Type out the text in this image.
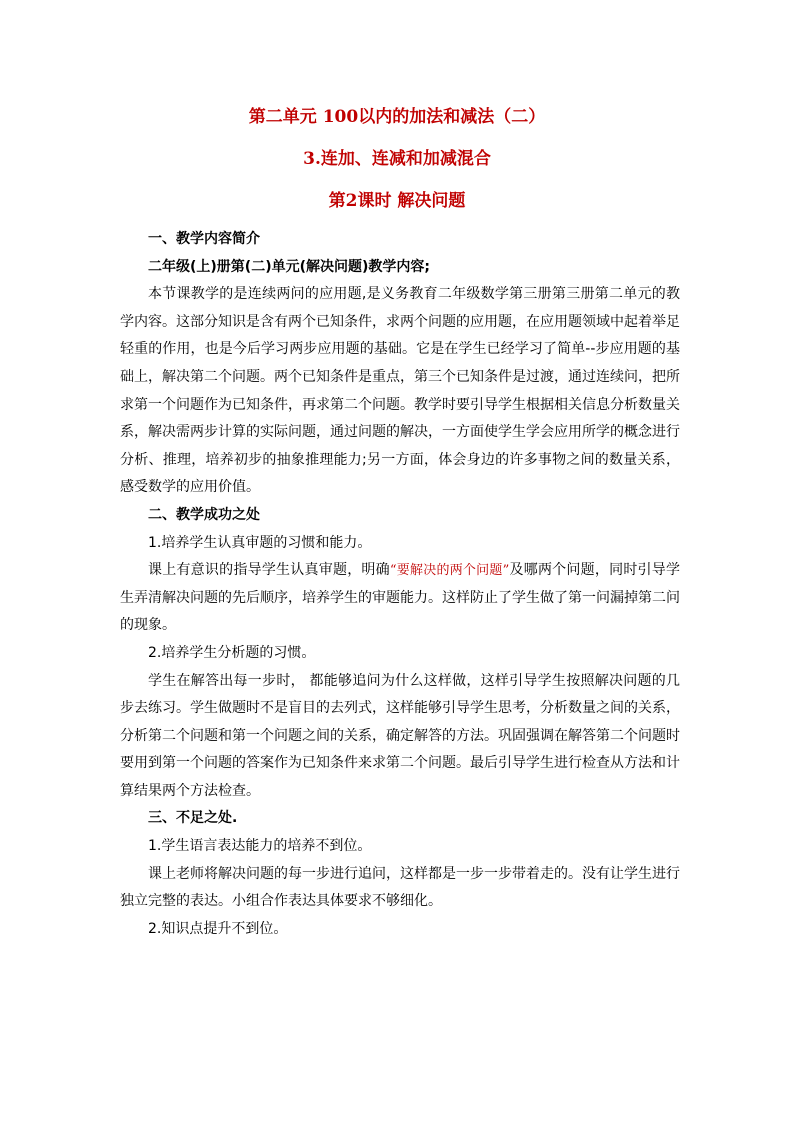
第二单元 100以内的加法和减法（二）
3.连加、连减和加减混合
第2课时 解决问题

一、教学内容简介

二年级(上)册第(二)单元(解决问题)教学内容;

本节课教学的是连续两问的应用题,是义务教育二年级数学第三册第三册第二单元的教学内容。这部分知识是含有两个已知条件，求两个问题的应用题，在应用题领域中起着举足轻重的作用，也是今后学习两步应用题的基础。它是在学生已经学习了简单--步应用题的基础上，解决第二个问题。两个已知条件是重点，第三个已知条件是过渡，通过连续问，把所求第一个问题作为已知条件，再求第二个问题。教学时要引导学生根据相关信息分析数量关系，解决需两步计算的实际问题，通过问题的解决，一方面使学生学会应用所学的概念进行分析、推理，培养初步的抽象推理能力;另一方面，体会身边的许多事物之间的数量关系，感受数学的应用价值。

二、教学成功之处

1.培养学生认真审题的习惯和能力。

课上有意识的指导学生认真审题，明确“要解决的两个问题”及哪两个问题，同时引导学生弄清解决问题的先后顺序，培养学生的审题能力。这样防止了学生做了第一问漏掉第二问的现象。

2.培养学生分析题的习惯。

学生在解答出每一步时， 都能够追问为什么这样做，这样引导学生按照解决问题的几步去练习。学生做题时不是盲目的去列式，这样能够引导学生思考，分析数量之间的关系，分析第二个问题和第一个问题之间的关系，确定解答的方法。巩固强调在解答第二个问题时要用到第一个问题的答案作为已知条件来求第二个问题。最后引导学生进行检查从方法和计算结果两个方法检查。

三、不足之处.

1.学生语言表达能力的培养不到位。

课上老师将解决问题的每一步进行追问，这样都是一步一步带着走的。没有让学生进行独立完整的表达。小组合作表达具体要求不够细化。

2.知识点提升不到位。
